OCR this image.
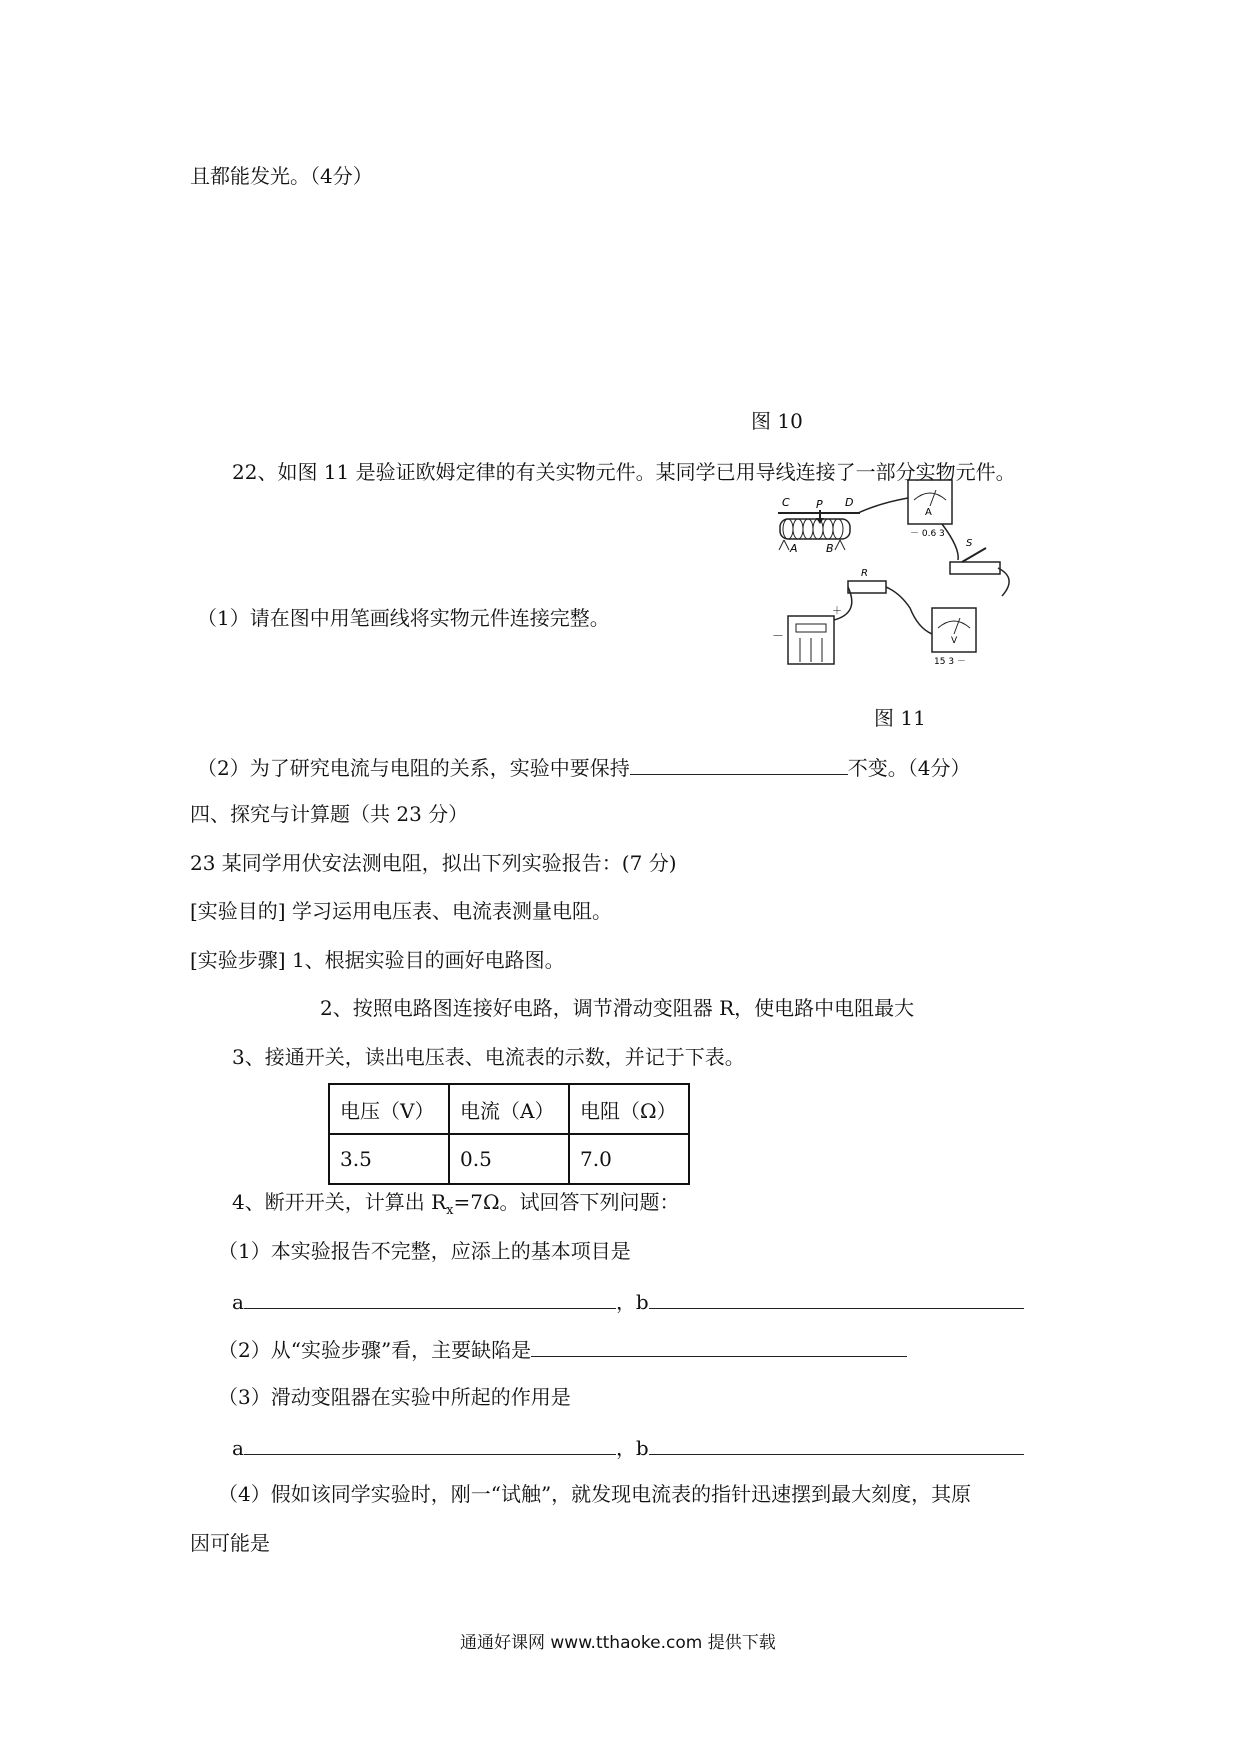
且都能发光。（4分）
图 10
22、如图 11 是验证欧姆定律的有关实物元件。某同学已用导线连接了一部分实物元件。
C P D
A	B
A
－ 0.6 3
S
R
V
15 3 －
－
＋
（1）请在图中用笔画线将实物元件连接完整。
图 11
（2）为了研究电流与电阻的关系，实验中要保持	不变。（4分）
四、探究与计算题（共 23 分）
23 某同学用伏安法测电阻，拟出下列实验报告：(7 分)
[实验目的] 学习运用电压表、电流表测量电阻。
[实验步骤] 1、根据实验目的画好电路图。
2、按照电路图连接好电路，调节滑动变阻器 R，使电路中电阻最大
3、接通开关，读出电压表、电流表的示数，并记于下表。
电压（V）	电流（A）	电阻（Ω）
3.5	0.5	7.0
4、断开开关，计算出 $R_x=7\Omega$。试回答下列问题：
（1）本实验报告不完整，应添上的基本项目是
a	，b
（2）从“实验步骤”看，主要缺陷是
（3）滑动变阻器在实验中所起的作用是
a	，b
（4）假如该同学实验时，刚一“试触”，就发现电流表的指针迅速摆到最大刻度，其原
因可能是
通通好课网 www.tthaoke.com 提供下载
